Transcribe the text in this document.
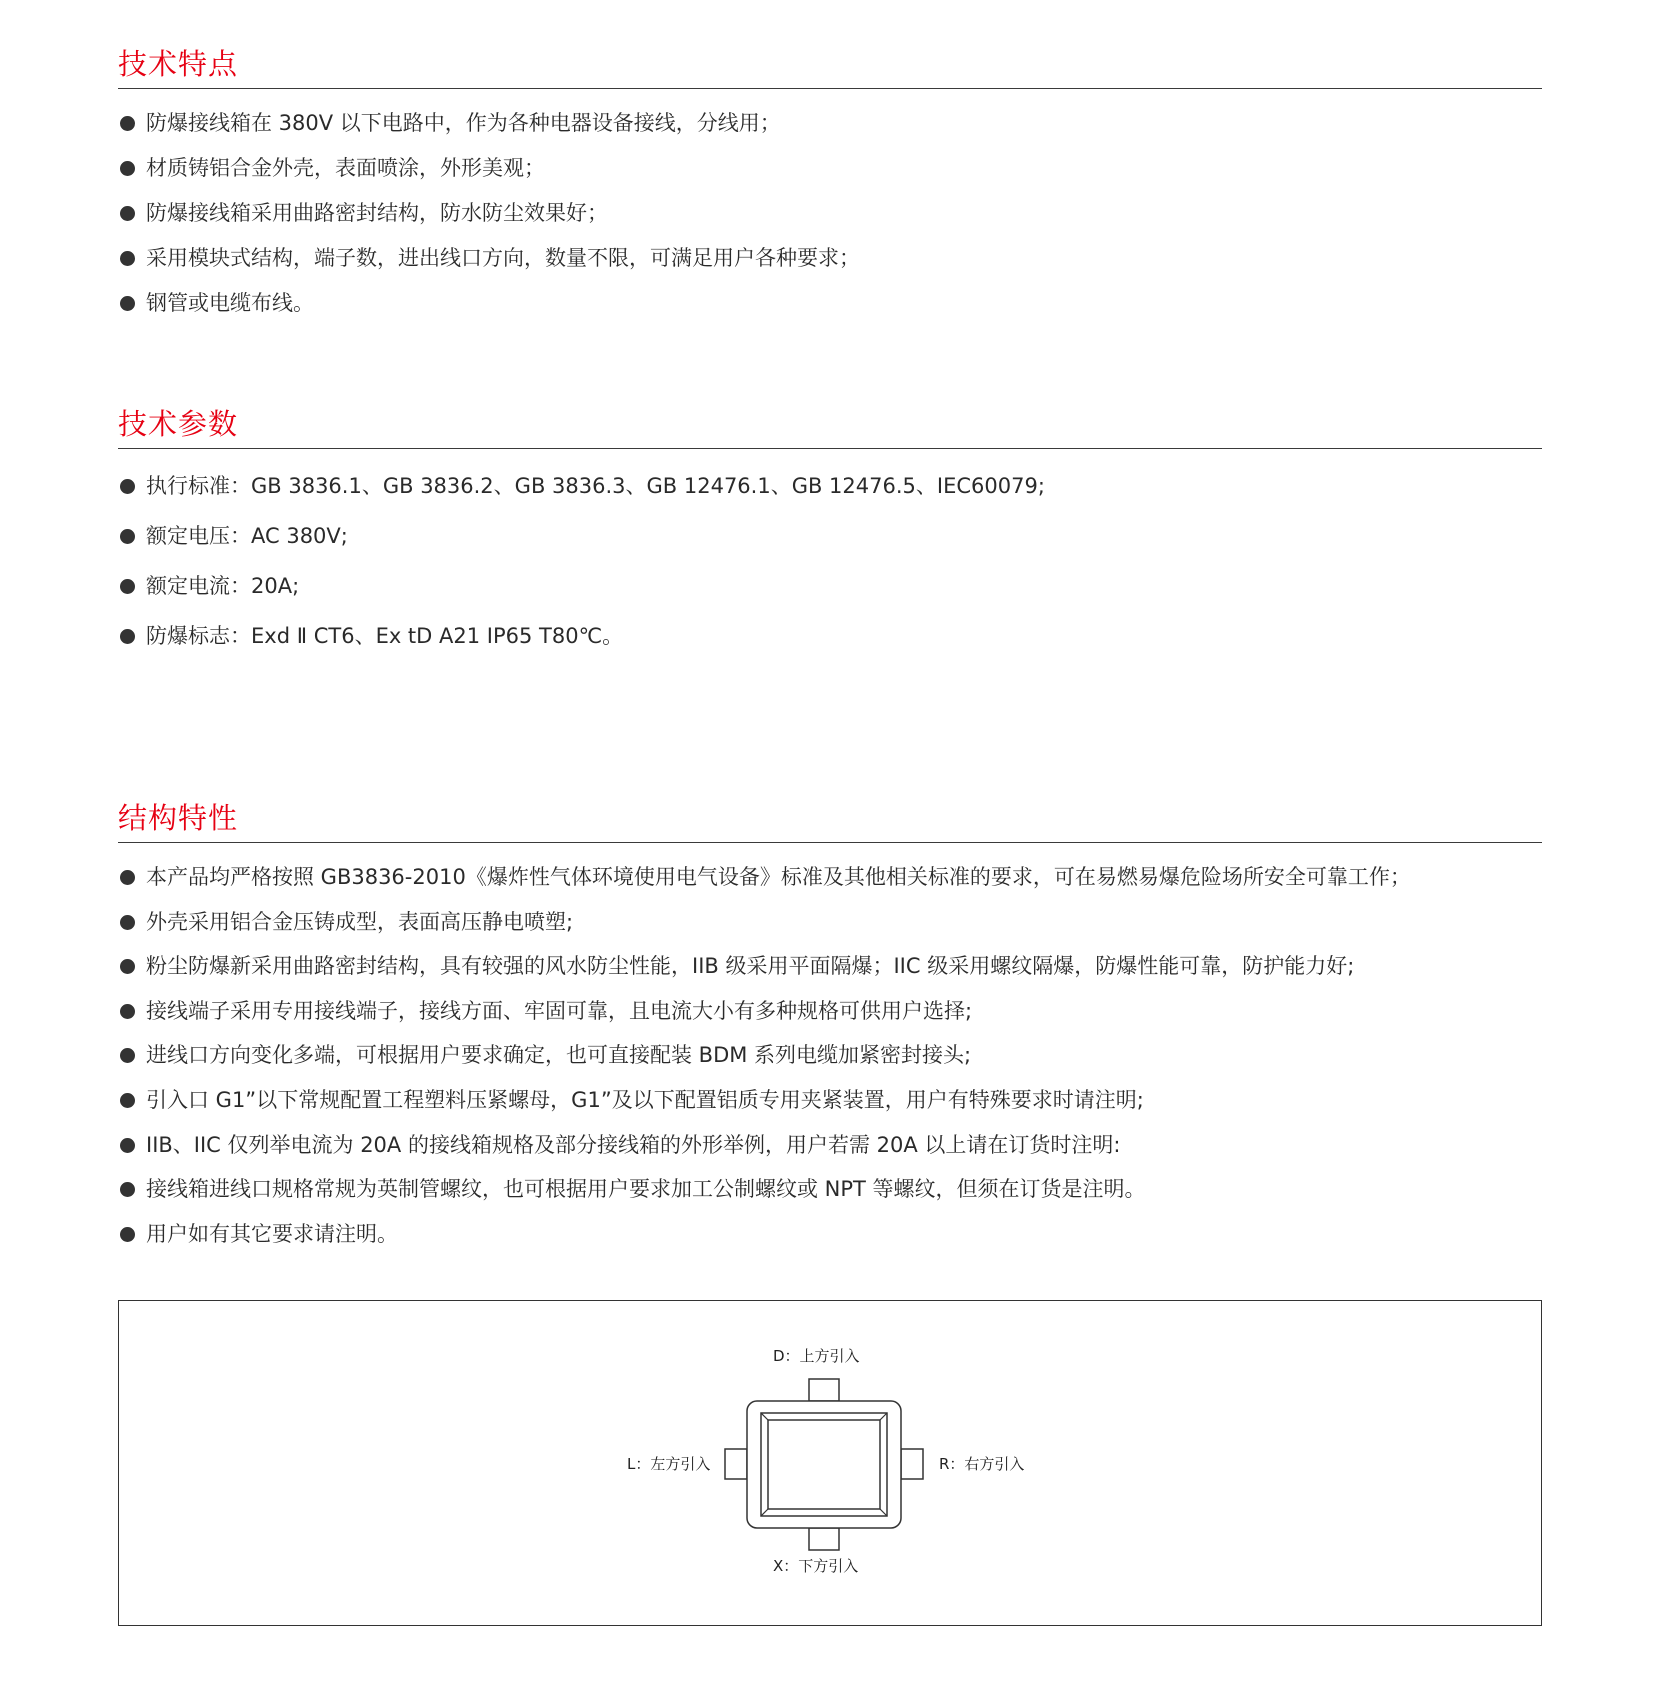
技术特点
防爆接线箱在 380V 以下电路中，作为各种电器设备接线，分线用；
材质铸铝合金外壳，表面喷涂，外形美观；
防爆接线箱采用曲路密封结构，防水防尘效果好；
采用模块式结构，端子数，进出线口方向，数量不限，可满足用户各种要求；
钢管或电缆布线。
技术参数
执行标准：GB 3836.1、GB 3836.2、GB 3836.3、GB 12476.1、GB 12476.5、IEC60079;
额定电压：AC 380V;
额定电流：20A;
防爆标志：Exd Ⅱ CT6、Ex tD A21 IP65 T80℃。
结构特性
本产品均严格按照 GB3836-2010《爆炸性气体环境使用电气设备》标准及其他相关标准的要求，可在易燃易爆危险场所安全可靠工作；
外壳采用铝合金压铸成型，表面高压静电喷塑;
粉尘防爆新采用曲路密封结构，具有较强的风水防尘性能，IIB 级采用平面隔爆；IIC 级采用螺纹隔爆，防爆性能可靠，防护能力好;
接线端子采用专用接线端子，接线方面、牢固可靠，且电流大小有多种规格可供用户选择;
进线口方向变化多端，可根据用户要求确定，也可直接配装 BDM 系列电缆加紧密封接头;
引入口 G1”以下常规配置工程塑料压紧螺母，G1”及以下配置铝质专用夹紧装置，用户有特殊要求时请注明;
IIB、IIC 仅列举电流为 20A 的接线箱规格及部分接线箱的外形举例，用户若需 20A 以上请在订货时注明:
接线箱进线口规格常规为英制管螺纹，也可根据用户要求加工公制螺纹或 NPT 等螺纹，但须在订货是注明。
用户如有其它要求请注明。
D：上方引入
L：左方引入	R：右方引入
X：下方引入
